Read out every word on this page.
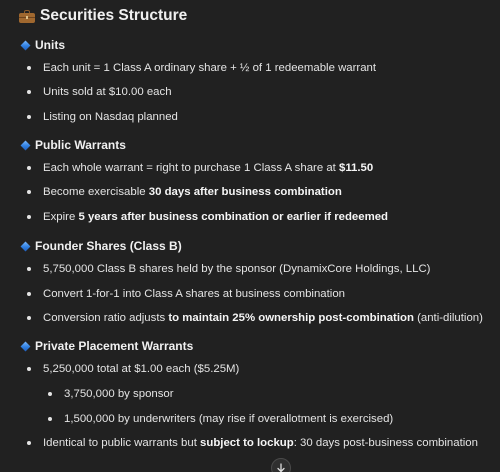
Securities Structure
Units
Each unit = 1 Class A ordinary share + ½ of 1 redeemable warrant
Units sold at $10.00 each
Listing on Nasdaq planned
Public Warrants
Each whole warrant = right to purchase 1 Class A share at $11.50
Become exercisable 30 days after business combination
Expire 5 years after business combination or earlier if redeemed
Founder Shares (Class B)
5,750,000 Class B shares held by the sponsor (DynamixCore Holdings, LLC)
Convert 1-for-1 into Class A shares at business combination
Conversion ratio adjusts to maintain 25% ownership post-combination (anti-dilution)
Private Placement Warrants
5,250,000 total at $1.00 each ($5.25M)
3,750,000 by sponsor
1,500,000 by underwriters (may rise if overallotment is exercised)
Identical to public warrants but subject to lockup: 30 days post-business combination
